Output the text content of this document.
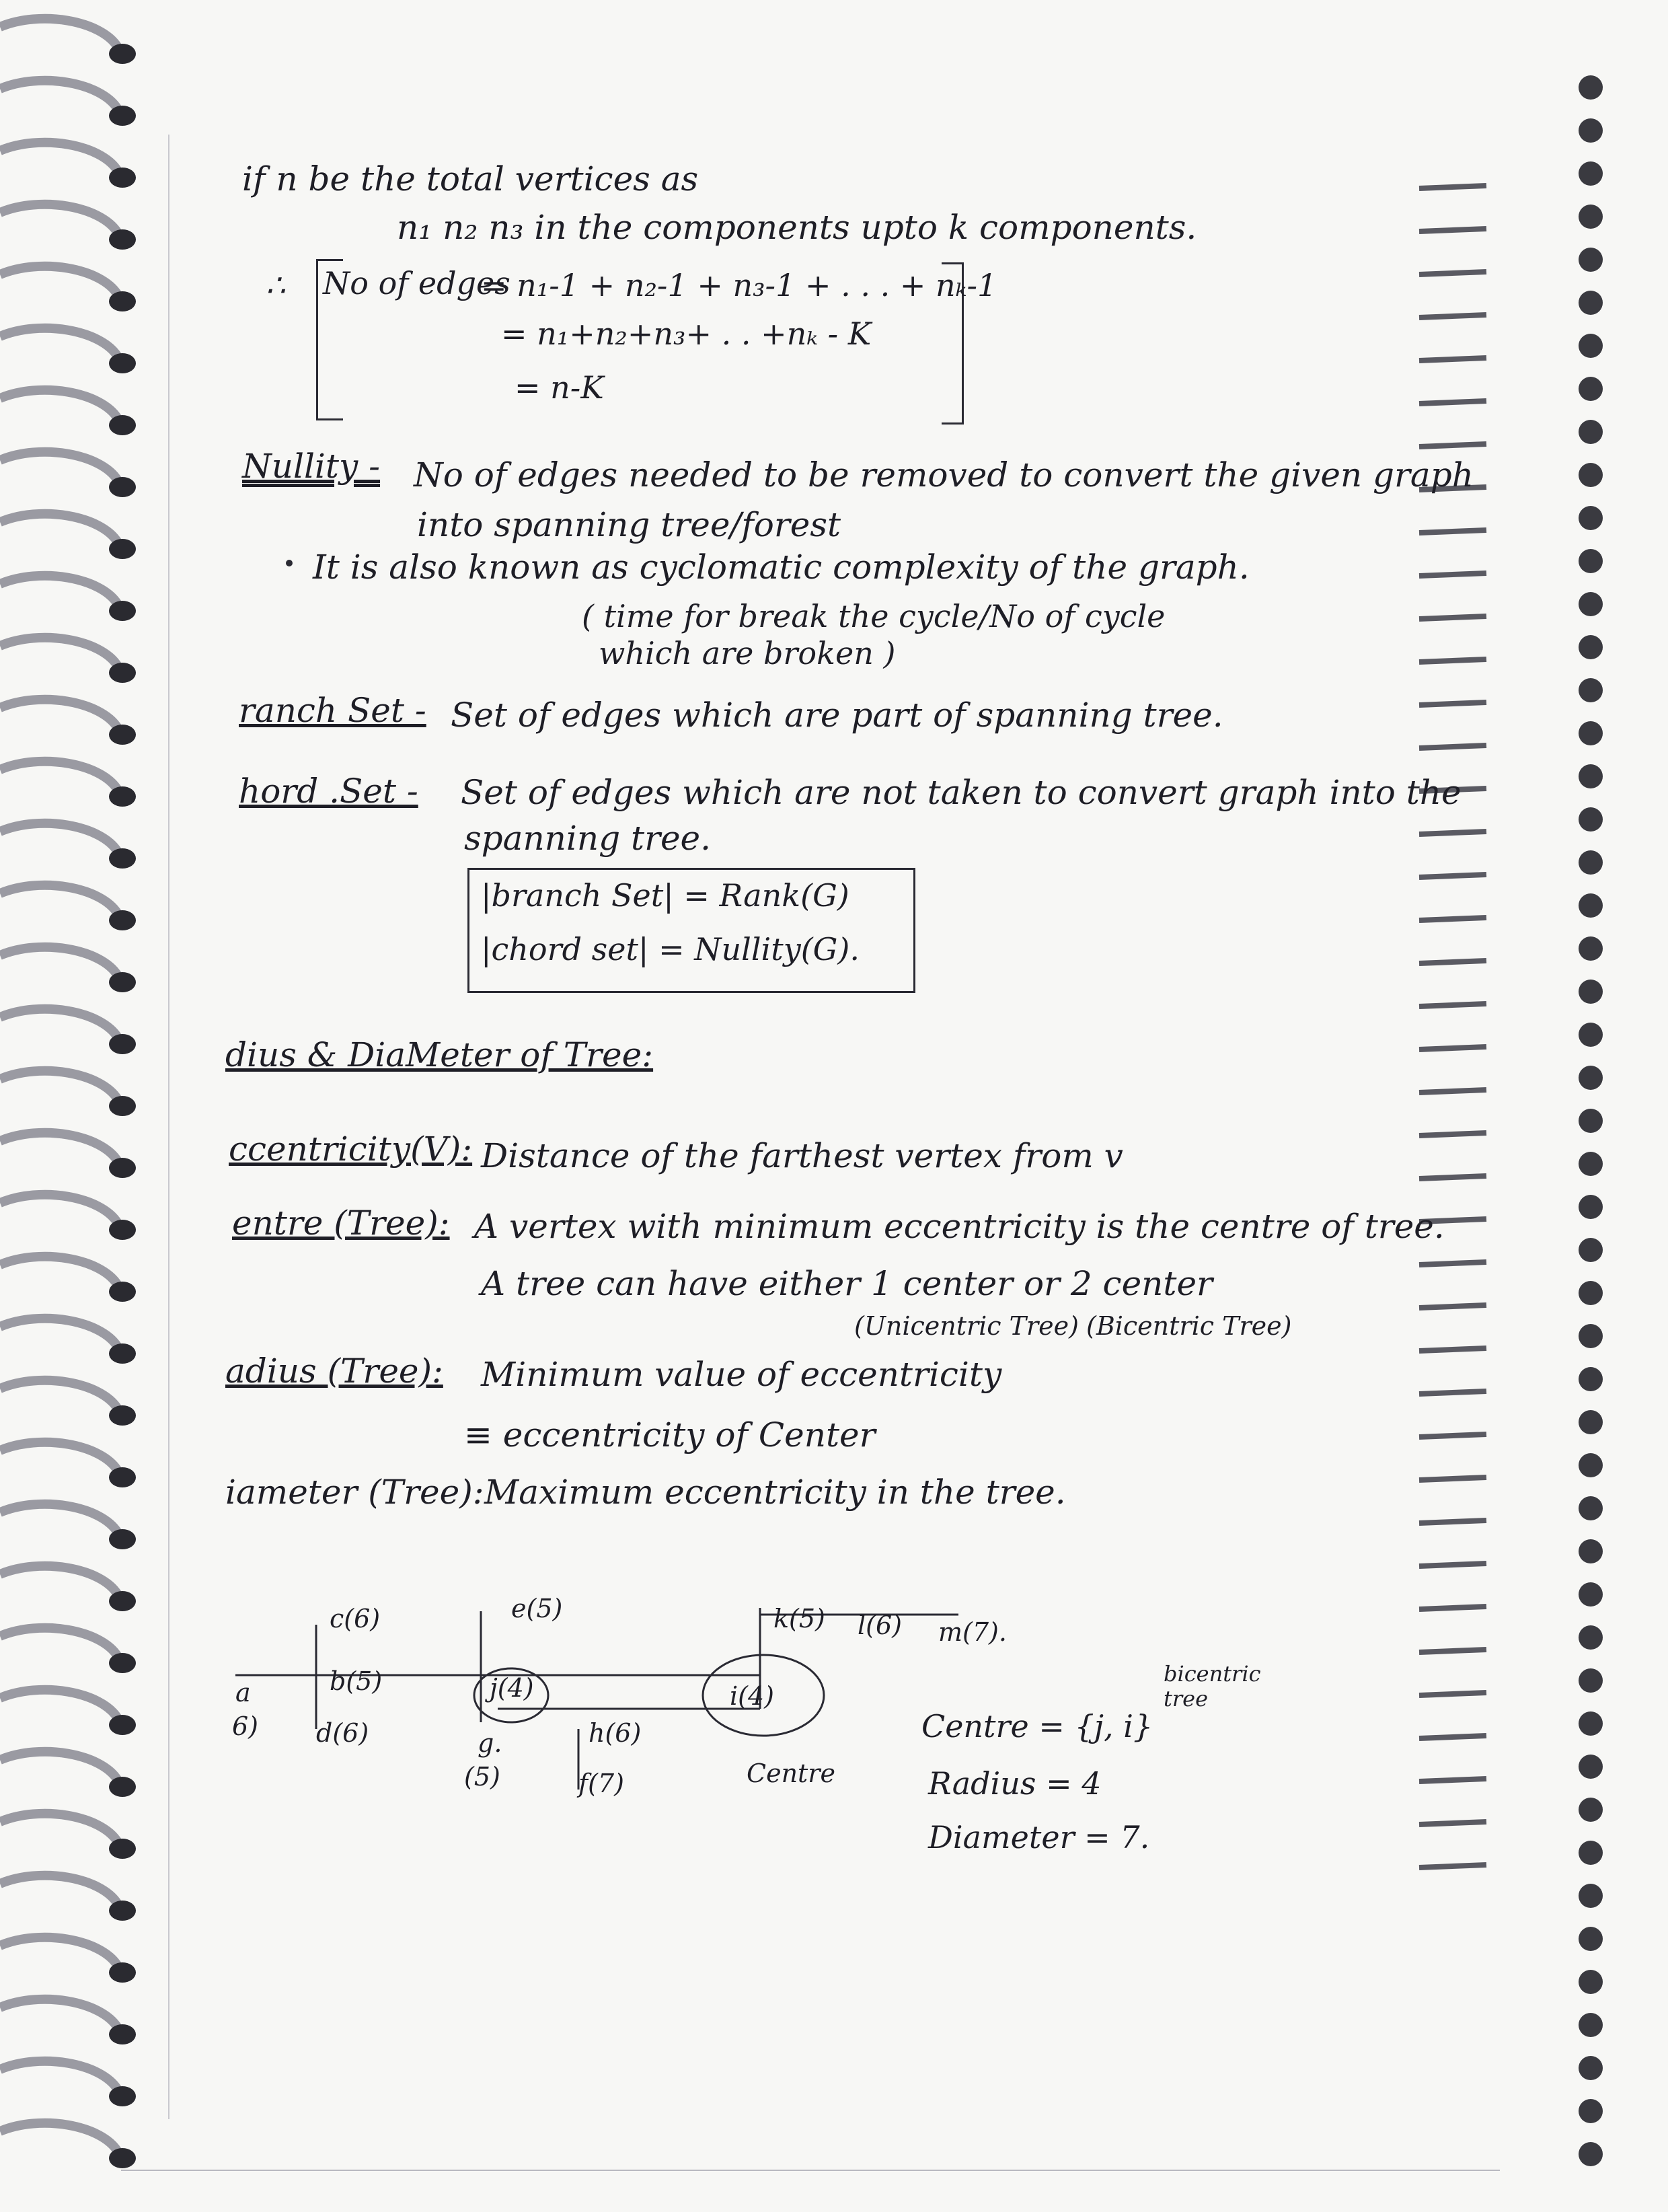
if n be the total vertices as
n₁ n₂ n₃ in the components upto k components.
∴ No of edges
= n₁-1 + n₂-1 + n₃-1 + . . . + nₖ-1
= n₁+n₂+n₃+ . . +nₖ - K
= n-K
Nullity - No of edges needed to be removed to convert the given graph
into spanning tree/forest
It is also known as cyclomatic complexity of the graph.
( time for break the cycle/No of cycle
which are broken )
ranch Set - Set of edges which are part of spanning tree.
hord .Set - Set of edges which are not taken to convert graph into the
spanning tree.
|branch Set| = Rank(G)
|chord set| = Nullity(G).
dius & DiaMeter of Tree:
ccentricity(V): Distance of the farthest vertex from v
entre (Tree): A vertex with minimum eccentricity is the centre of tree.
A tree can have either 1 center or 2 center
(Unicentric Tree) (Bicentric Tree)
adius (Tree): Minimum value of eccentricity
≡ eccentricity of Center
iameter (Tree): Maximum eccentricity in the tree.
c(6)
b(5)
d(6)
a
6)
e(5)
j(4)
g.
(5)
h(6)
f(7)
k(5) l(6) m(7).
i(4)
Centre
bicentric tree
Centre = {j, i}
Radius = 4
Diameter = 7.
